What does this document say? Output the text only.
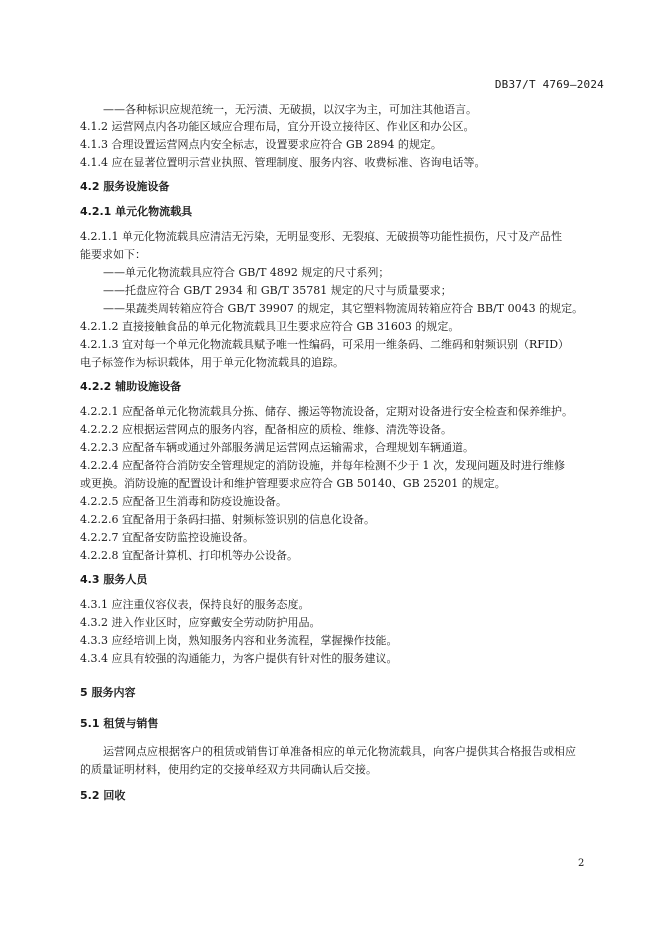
DB37/T 4769—2024
——各种标识应规范统一，无污渍、无破损，以汉字为主，可加注其他语言。
4.1.2 运营网点内各功能区域应合理布局，宜分开设立接待区、作业区和办公区。
4.1.3 合理设置运营网点内安全标志，设置要求应符合 GB 2894 的规定。
4.1.4 应在显著位置明示营业执照、管理制度、服务内容、收费标准、咨询电话等。
4.2 服务设施设备
4.2.1 单元化物流载具
4.2.1.1 单元化物流载具应清洁无污染，无明显变形、无裂痕、无破损等功能性损伤，尺寸及产品性
能要求如下：
——单元化物流载具应符合 GB/T 4892 规定的尺寸系列；
——托盘应符合 GB/T 2934 和 GB/T 35781 规定的尺寸与质量要求；
——果蔬类周转箱应符合 GB/T 39907 的规定，其它塑料物流周转箱应符合 BB/T 0043 的规定。
4.2.1.2 直接接触食品的单元化物流载具卫生要求应符合 GB 31603 的规定。
4.2.1.3 宜对每一个单元化物流载具赋予唯一性编码，可采用一维条码、二维码和射频识别（RFID）
电子标签作为标识载体，用于单元化物流载具的追踪。
4.2.2 辅助设施设备
4.2.2.1 应配备单元化物流载具分拣、储存、搬运等物流设备，定期对设备进行安全检查和保养维护。
4.2.2.2 应根据运营网点的服务内容，配备相应的质检、维修、清洗等设备。
4.2.2.3 应配备车辆或通过外部服务满足运营网点运输需求，合理规划车辆通道。
4.2.2.4 应配备符合消防安全管理规定的消防设施，并每年检测不少于 1 次，发现问题及时进行维修
或更换。消防设施的配置设计和维护管理要求应符合 GB 50140、GB 25201 的规定。
4.2.2.5 应配备卫生消毒和防疫设施设备。
4.2.2.6 宜配备用于条码扫描、射频标签识别的信息化设备。
4.2.2.7 宜配备安防监控设施设备。
4.2.2.8 宜配备计算机、打印机等办公设备。
4.3 服务人员
4.3.1 应注重仪容仪表，保持良好的服务态度。
4.3.2 进入作业区时，应穿戴安全劳动防护用品。
4.3.3 应经培训上岗，熟知服务内容和业务流程，掌握操作技能。
4.3.4 应具有较强的沟通能力，为客户提供有针对性的服务建议。
5 服务内容
5.1 租赁与销售
运营网点应根据客户的租赁或销售订单准备相应的单元化物流载具，向客户提供其合格报告或相应
的质量证明材料，使用约定的交接单经双方共同确认后交接。
5.2 回收
2
